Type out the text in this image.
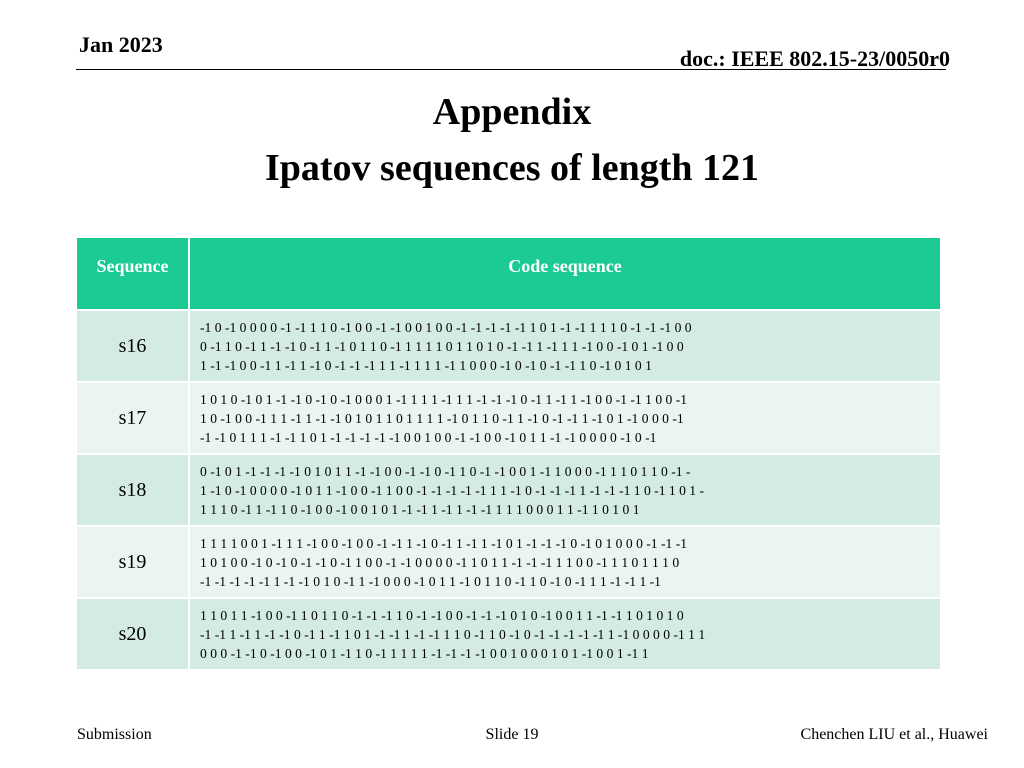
Jan 2023
doc.: IEEE 802.15-23/0050r0
Appendix
Ipatov sequences of length 121
Sequence	Code sequence
s16	-1 0 -1 0 0 0 0 -1 -1 1 1 0 -1 0 0 -1 -1 0 0 1 0 0 -1 -1 -1 -1 -1 1 0 1 -1 -1 1 1 1 0 -1 -1 -1 0 0
0 -1 1 0 -1 1 -1 -1 0 -1 1 -1 0 1 1 0 -1 1 1 1 1 0 1 1 0 1 0 -1 -1 1 -1 1 1 -1 0 0 -1 0 1 -1 0 0
1 -1 -1 0 0 -1 1 -1 1 -1 0 -1 -1 -1 1 1 -1 1 1 1 -1 1 0 0 0 -1 0 -1 0 -1 -1 1 0 -1 0 1 0 1

s17	1 0 1 0 -1 0 1 -1 -1 0 -1 0 -1 0 0 0 1 -1 1 1 1 -1 1 1 -1 -1 -1 0 -1 1 -1 1 -1 0 0 -1 -1 1 0 0 -1
1 0 -1 0 0 -1 1 1 -1 1 -1 -1 0 1 0 1 1 0 1 1 1 1 -1 0 1 1 0 -1 1 -1 0 -1 -1 1 -1 0 1 -1 0 0 0 -1
-1 -1 0 1 1 1 -1 -1 1 0 1 -1 -1 -1 -1 -1 0 0 1 0 0 -1 -1 0 0 -1 0 1 1 -1 -1 0 0 0 0 -1 0 -1

s18	0 -1 0 1 -1 -1 -1 -1 0 1 0 1 1 -1 -1 0 0 -1 -1 0 -1 1 0 -1 -1 0 0 1 -1 1 0 0 0 -1 1 1 0 1 1 0 -1 -
1 -1 0 -1 0 0 0 0 -1 0 1 1 -1 0 0 -1 1 0 0 -1 -1 -1 -1 -1 1 1 -1 0 -1 -1 -1 1 -1 -1 -1 1 0 -1 1 0 1 -
1 1 1 0 -1 1 -1 1 0 -1 0 0 -1 0 0 1 0 1 -1 -1 1 -1 1 -1 -1 1 1 1 0 0 0 1 1 -1 1 0 1 0 1

s19	1 1 1 1 0 0 1 -1 1 1 -1 0 0 -1 0 0 -1 -1 1 -1 0 -1 1 -1 1 -1 0 1 -1 -1 -1 0 -1 0 1 0 0 0 -1 -1 -1
1 0 1 0 0 -1 0 -1 0 -1 -1 0 -1 1 0 0 -1 -1 0 0 0 0 -1 1 0 1 1 -1 -1 -1 1 1 0 0 -1 1 1 0 1 1 1 0
-1 -1 -1 -1 -1 1 -1 -1 0 1 0 -1 1 -1 0 0 0 -1 0 1 1 -1 0 1 1 0 -1 1 0 -1 0 -1 1 1 -1 -1 1 -1

s20	1 1 0 1 1 -1 0 0 -1 1 0 1 1 0 -1 -1 -1 1 0 -1 -1 0 0 -1 -1 -1 0 1 0 -1 0 0 1 1 -1 -1 1 0 1 0 1 0
-1 -1 1 -1 1 -1 -1 0 -1 1 -1 1 0 1 -1 -1 1 -1 -1 1 1 0 -1 1 0 -1 0 -1 -1 -1 -1 -1 1 -1 0 0 0 0 -1 1 1
0 0 0 -1 -1 0 -1 0 0 -1 0 1 -1 1 0 -1 1 1 1 1 -1 -1 -1 -1 0 0 1 0 0 0 1 0 1 -1 0 0 1 -1 1
Submission	Slide 19	Chenchen LIU et al., Huawei
